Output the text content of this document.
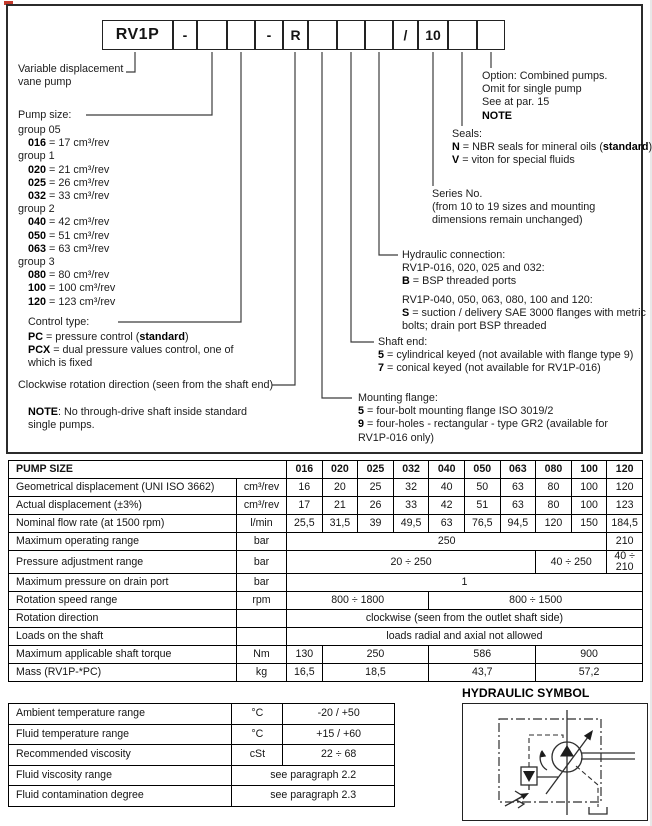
RV1P	-	-	R	/	10
Variable displacement
vane pump
Pump size:
group 05
016 = 17 cm³/rev
group 1
020 = 21 cm³/rev
025 = 26 cm³/rev
032 = 33 cm³/rev
group 2
040 = 42 cm³/rev
050 = 51 cm³/rev
063 = 63 cm³/rev
group 3
080 = 80 cm³/rev
100 = 100 cm³/rev
120 = 123 cm³/rev
Control type:
PC = pressure control (standard)
PCX = dual pressure values control, one of
which is fixed
Clockwise rotation direction (seen from the shaft end)
NOTE: No through-drive shaft inside standard
single pumps.
Option: Combined pumps.
Omit for single pump
See at par. 15
NOTE
Seals:
N = NBR seals for mineral oils (standard)
V = viton for special fluids
Series No.
(from 10 to 19 sizes and mounting
dimensions remain unchanged)
Hydraulic connection:
RV1P-016, 020, 025 and 032:
B = BSP threaded ports
RV1P-040, 050, 063, 080, 100 and 120:
S = suction / delivery SAE 3000 flanges with metric
bolts; drain port BSP threaded
Shaft end:
5 = cylindrical keyed (not available with flange type 9)
7 = conical keyed (not available for RV1P-016)
Mounting flange:
5 = four-bolt mounting flange ISO 3019/2
9 = four-holes - rectangular - type GR2 (available for
RV1P-016 only)
PUMP SIZE		016	020	025	032	040	050	063	080	100	120
Geometrical displacement (UNI ISO 3662)	cm³/rev	16	20	25	32	40	50	63	80	100	120
Actual displacement (±3%)	cm³/rev	17	21	26	33	42	51	63	80	100	123
Nominal flow rate (at 1500 rpm)	l/min	25,5	31,5	39	49,5	63	76,5	94,5	120	150	184,5
Maximum operating range	bar	250									210
Pressure adjustment range	bar	20 ÷ 250							40 ÷ 250		40 ÷ 210
Maximum pressure on drain port	bar	1									
Rotation speed range	rpm	800 ÷ 1800				800 ÷ 1500					
Rotation direction		clockwise (seen from the outlet shaft side)									
Loads on the shaft		loads radial and axial not allowed									
Maximum applicable shaft torque	Nm	130	250			586			900		
Mass (RV1P-*PC)	kg	16,5	18,5			43,7			57,2		
Ambient temperature range	°C	-20 / +50
Fluid temperature range	°C	+15 / +60
Recommended viscosity	cSt	22 ÷ 68
Fluid viscosity range	see paragraph 2.2	
Fluid contamination degree	see paragraph 2.3	
HYDRAULIC SYMBOL
